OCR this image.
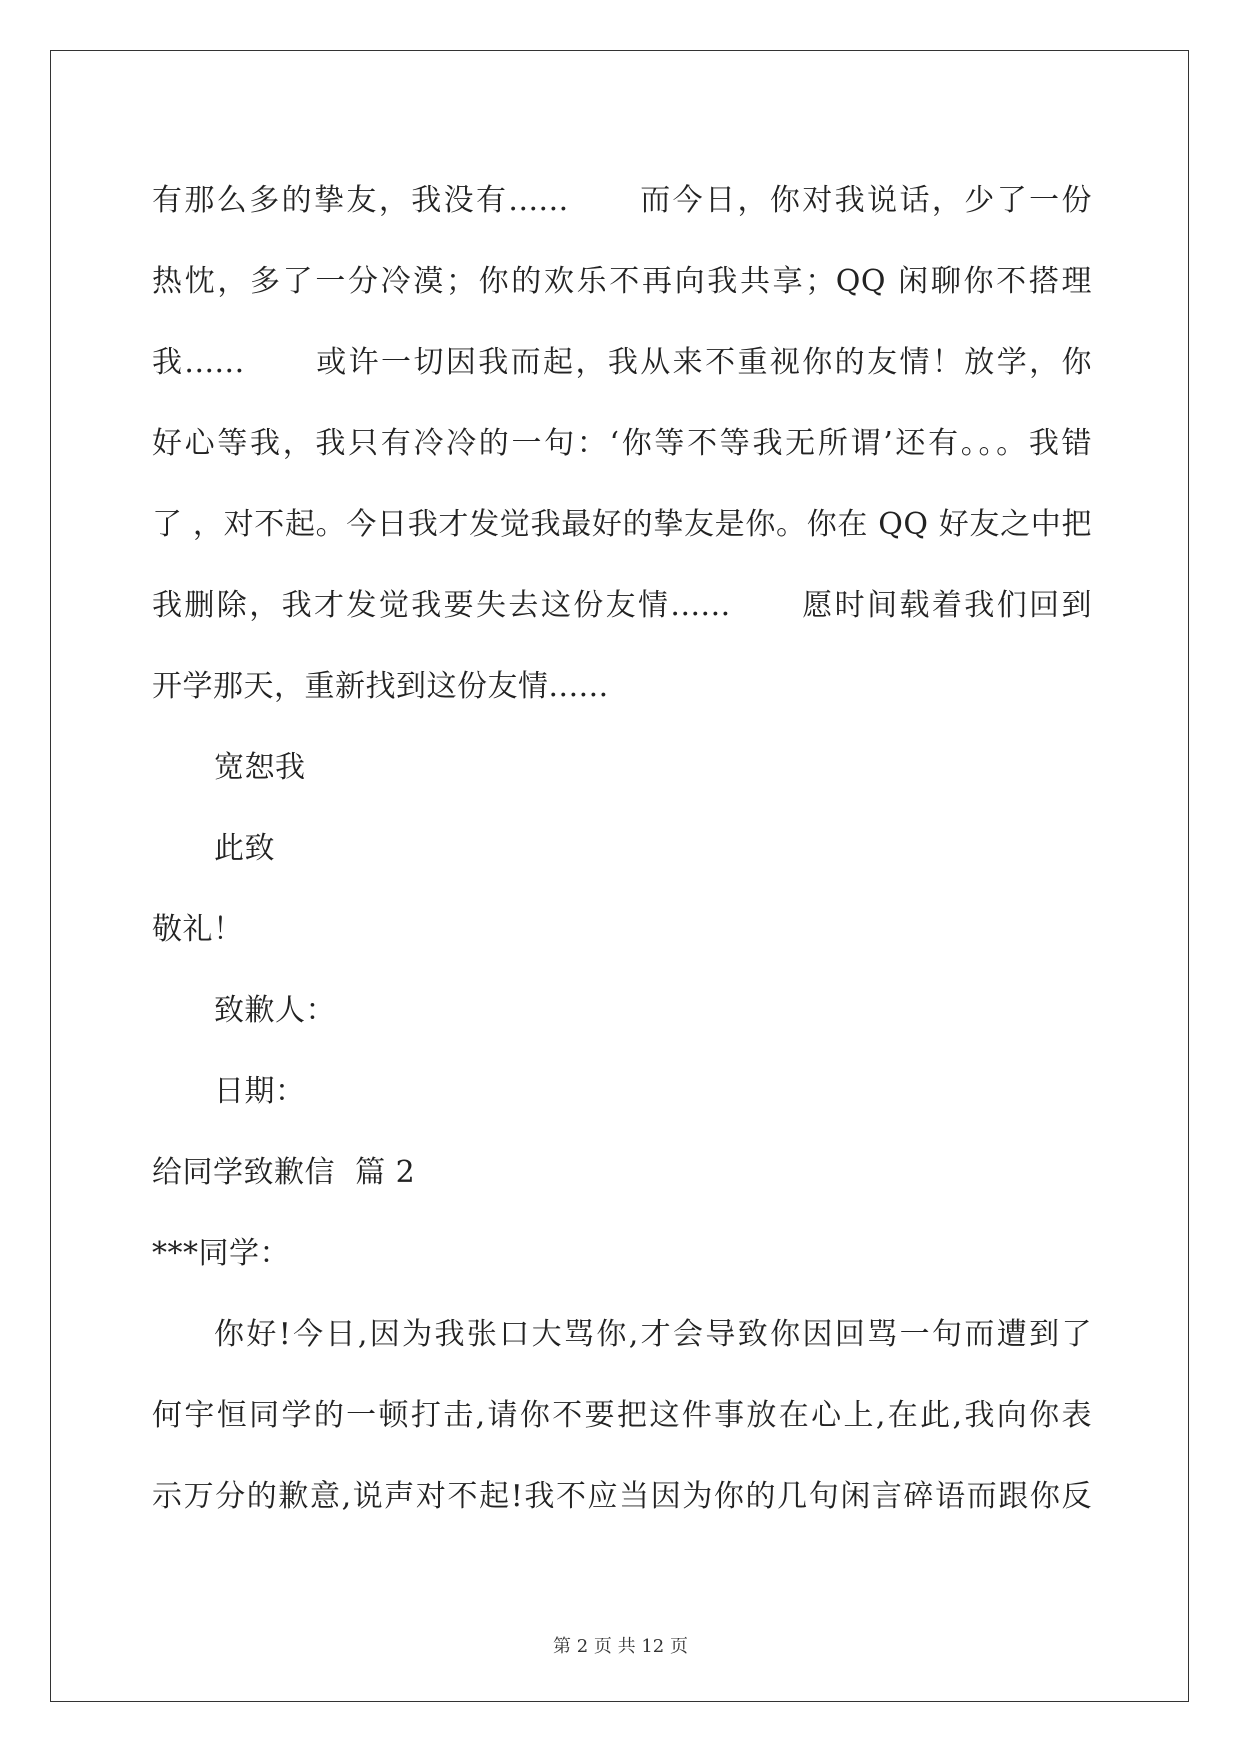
有那么多的挚友，我没有......      而今日，你对我说话，少了一份
热忱，多了一分冷漠；你的欢乐不再向我共享；QQ 闲聊你不搭理
我......      或许一切因我而起，我从来不重视你的友情！放学，你
好心等我，我只有冷冷的一句：‘你等不等我无所谓’还有。。。我错
了 ，对不起。今日我才发觉我最好的挚友是你。你在 QQ 好友之中把
我删除，我才发觉我要失去这份友情......      愿时间载着我们回到
开学那天，重新找到这份友情......
宽恕我
此致
敬礼！
致歉人：
日期：
给同学致歉信  篇 2
***同学：
你好!今日,因为我张口大骂你,才会导致你因回骂一句而遭到了
何宇恒同学的一顿打击,请你不要把这件事放在心上,在此,我向你表
示万分的歉意,说声对不起!我不应当因为你的几句闲言碎语而跟你反
第 2 页 共 12 页
